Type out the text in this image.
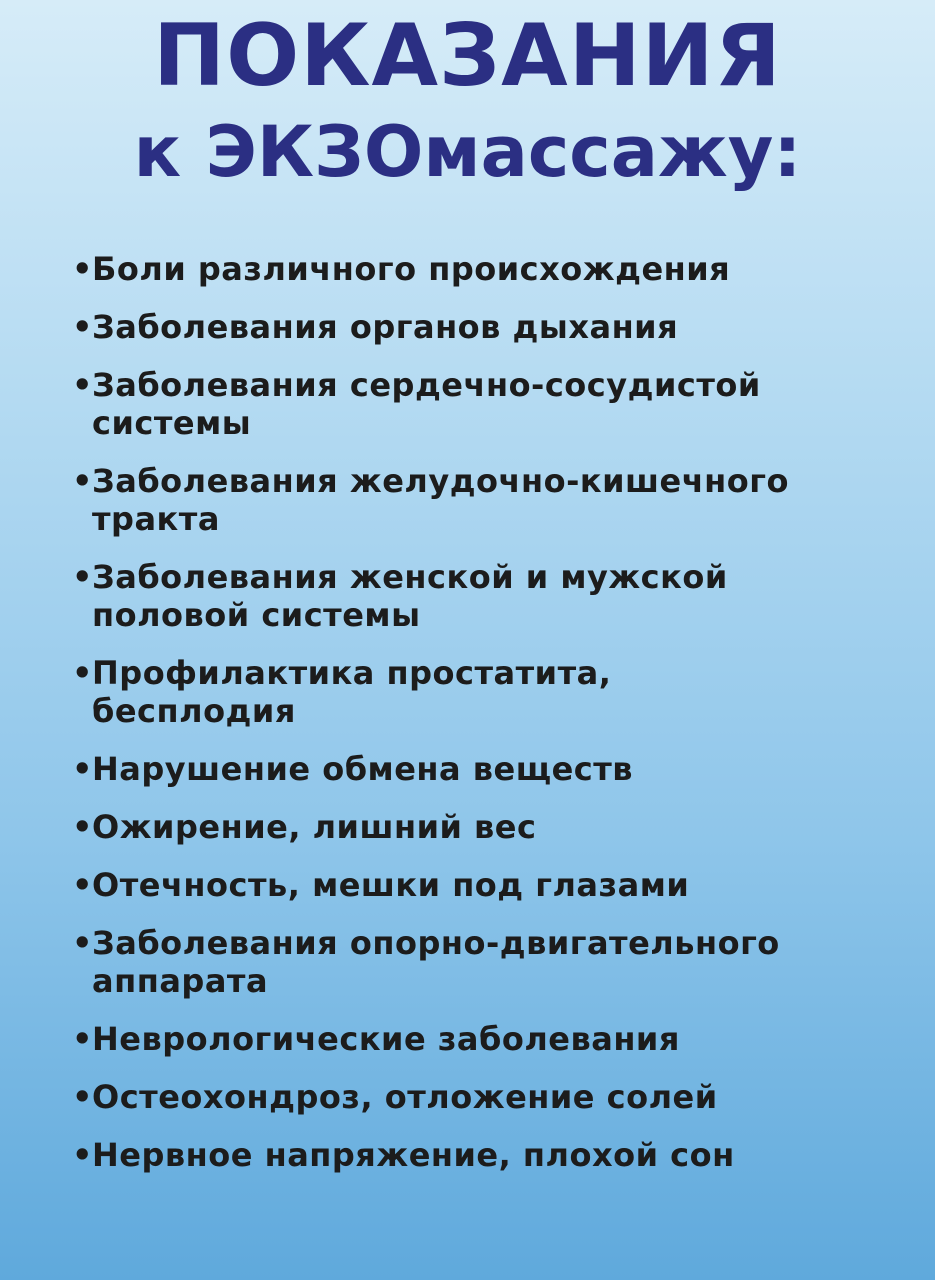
ПОКАЗАНИЯ
к ЭКЗОмассажу:
• Боли различного происхождения
• Заболевания органов дыхания
• Заболевания сердечно-сосудистой
системы
• Заболевания желудочно-кишечного
тракта
• Заболевания женской и мужской
половой системы
• Профилактика простатита,
бесплодия
• Нарушение обмена веществ
• Ожирение, лишний вес
• Отечность, мешки под глазами
• Заболевания опорно-двигательного
аппарата
• Неврологические заболевания
• Остеохондроз, отложение солей
• Нервное напряжение, плохой сон
